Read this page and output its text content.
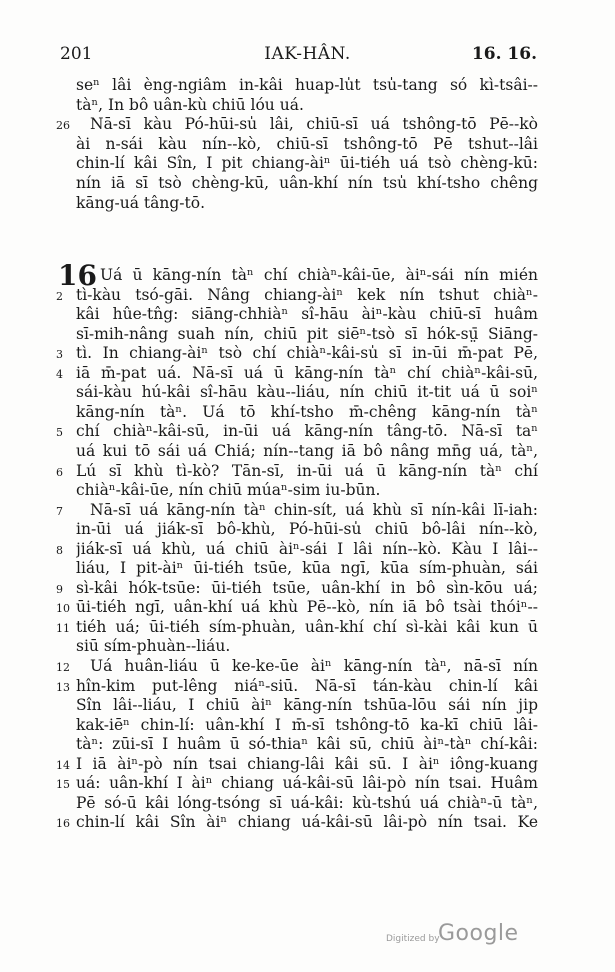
201	IAK-HÂN.	16. 16.
16
seⁿ lâi èng-ngiâm in-kâi huap-lu̍t tsu̍-tang só kì-tsâi--
tàⁿ, In bô uân-kù chiū lóu uá.
26 Nā-sī kàu Pó-hūi-su̍ lâi, chiū-sī uá tshông-tō Pē--kò
ài n-sái kàu nín--kò, chiū-sī tshông-tō Pē tshut--lâi
chin-lí kâi Sîn, I pit chiang-àiⁿ ūi-tiéh uá tsò chèng-kū:
nín iā sī tsò chèng-kū, uân-khí nín tsu̍ khí-tsho chêng
kāng-uá tâng-tō.
Uá ū kāng-nín tàⁿ chí chiàⁿ-kâi-ūe, àiⁿ-sái nín mién
2 tì-kàu tsó-gāi. Nâng chiang-àiⁿ kek nín tshut chiàⁿ-
kâi hûe-tn̂g: siāng-chhiàⁿ sî-hāu àiⁿ-kàu chiū-sī huâm
sī-mih-nâng suah nín, chiū pit siēⁿ-tsò sī hók-sṳ̄ Siāng-
3 tì. In chiang-àiⁿ tsò chí chiàⁿ-kâi-su̍ sī in-ūi m̄-pat Pē,
4 iā m̄-pat uá. Nā-sī uá ū kāng-nín tàⁿ chí chiàⁿ-kâi-sū,
sái-kàu hú-kâi sî-hāu kàu--liáu, nín chiū it-tit uá ū soiⁿ
kāng-nín tàⁿ. Uá tō khí-tsho m̄-chêng kāng-nín tàⁿ
5 chí chiàⁿ-kâi-sū, in-ūi uá kāng-nín tâng-tō. Nā-sī taⁿ
uá kui tō sái uá Chiá; nín--tang iā bô nâng mn̄g uá, tàⁿ,
6 Lú sī khù tì-kò? Tān-sī, in-ūi uá ū kāng-nín tàⁿ chí
chiàⁿ-kâi-ūe, nín chiū múaⁿ-sim iu-būn.
7	Nā-sī uá kāng-nín tàⁿ chin-sít, uá khù sī nín-kâi lī-iah:
in-ūi uá jiák-sī bô-khù, Pó-hūi-su̍ chiū bô-lâi nín--kò,
8 jiák-sī uá khù, uá chiū àiⁿ-sái I lâi nín--kò. Kàu I lâi--
liáu, I pit-àiⁿ ūi-tiéh tsūe, kūa ngī, kūa sím-phuàn, sái
9 sì-kâi hók-tsūe: ūi-tiéh tsūe, uân-khí in bô sìn-kōu uá;
10 ūi-tiéh ngī, uân-khí uá khù Pē--kò, nín iā bô tsài thóiⁿ--
11 tiéh uá; ūi-tiéh sím-phuàn, uân-khí chí sì-kài kâi kun ū
siū sím-phuàn--liáu.
12 Uá huân-liáu ū ke-ke-ūe àiⁿ kāng-nín tàⁿ, nā-sī nín
13 hîn-kim put-lêng niáⁿ-siū. Nā-sī tán-kàu chin-lí kâi
Sîn lâi--liáu, I chiū àiⁿ kāng-nín tshūa-lōu sái nín jip
kak-iēⁿ chin-lí: uân-khí I m̄-sī tshông-tō ka-kī chiū lâi-
tàⁿ: zūi-sī I huâm ū só-thiaⁿ kâi sū, chiū àiⁿ-tàⁿ chí-kâi:
14 I iā àiⁿ-pò nín tsai chiang-lâi kâi sū. I àiⁿ iông-kuang
15 uá: uân-khí I àiⁿ chiang uá-kâi-sū lâi-pò nín tsai. Huâm
Pē só-ū kâi lóng-tsóng sī uá-kâi: kù-tshú uá chiàⁿ-ū tàⁿ,
16 chin-lí kâi Sîn àiⁿ chiang uá-kâi-sū lâi-pò nín tsai. Ke
Digitized by
Google
